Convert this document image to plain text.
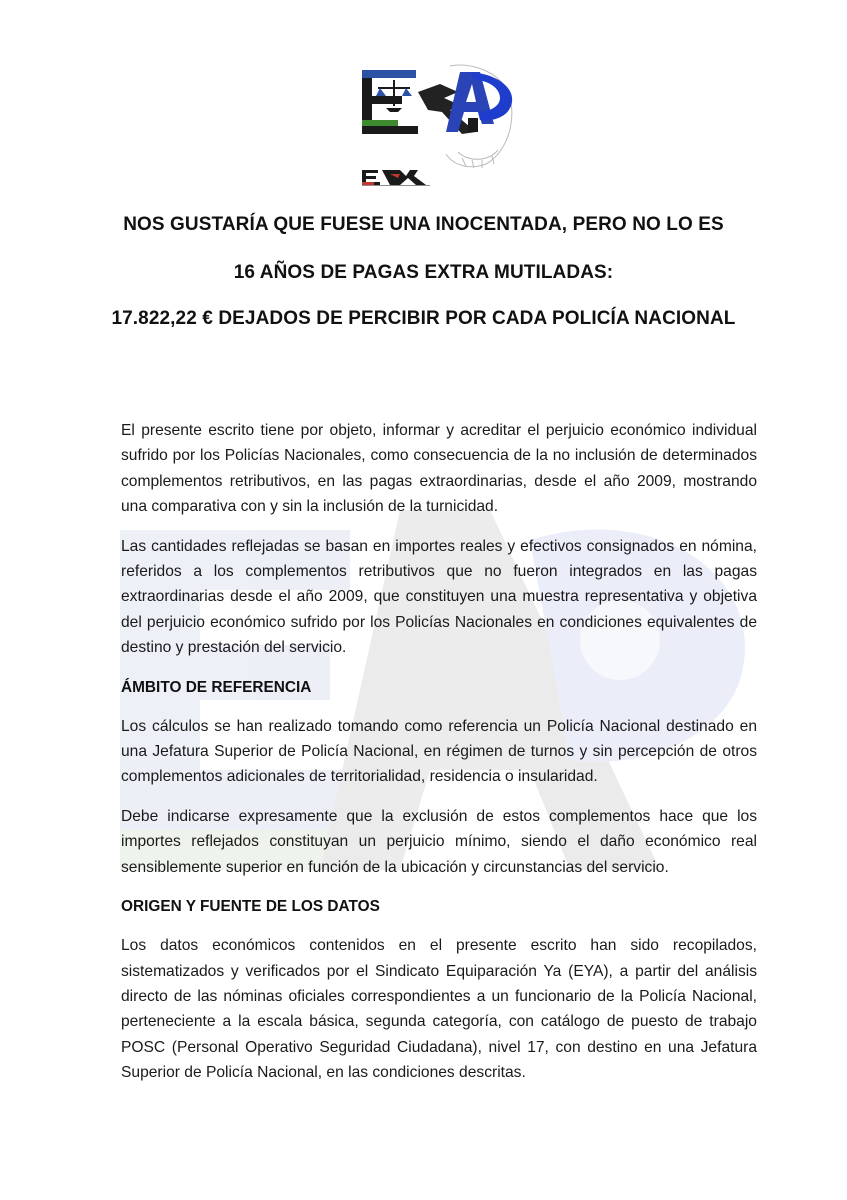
NOS GUSTARÍA QUE FUESE UNA INOCENTADA, PERO NO LO ES
16 AÑOS DE PAGAS EXTRA MUTILADAS:
17.822,22 € DEJADOS DE PERCIBIR POR CADA POLICÍA NACIONAL

El presente escrito tiene por objeto, informar y acreditar el perjuicio económico individual sufrido por los Policías Nacionales, como consecuencia de la no inclusión de determinados complementos retributivos, en las pagas extraordinarias, desde el año 2009, mostrando una comparativa con y sin la inclusión de la turnicidad.

Las cantidades reflejadas se basan en importes reales y efectivos consignados en nómina, referidos a los complementos retributivos que no fueron integrados en las pagas extraordinarias desde el año 2009, que constituyen una muestra representativa y objetiva del perjuicio económico sufrido por los Policías Nacionales en condiciones equivalentes de destino y prestación del servicio.

ÁMBITO DE REFERENCIA

Los cálculos se han realizado tomando como referencia un Policía Nacional destinado en una Jefatura Superior de Policía Nacional, en régimen de turnos y sin percepción de otros complementos adicionales de territorialidad, residencia o insularidad.

Debe indicarse expresamente que la exclusión de estos complementos hace que los importes reflejados constituyan un perjuicio mínimo, siendo el daño económico real sensiblemente superior en función de la ubicación y circunstancias del servicio.

ORIGEN Y FUENTE DE LOS DATOS

Los datos económicos contenidos en el presente escrito han sido recopilados, sistematizados y verificados por el Sindicato Equiparación Ya (EYA), a partir del análisis directo de las nóminas oficiales correspondientes a un funcionario de la Policía Nacional, perteneciente a la escala básica, segunda categoría, con catálogo de puesto de trabajo POSC (Personal Operativo Seguridad Ciudadana), nivel 17, con destino en una Jefatura Superior de Policía Nacional, en las condiciones descritas.
